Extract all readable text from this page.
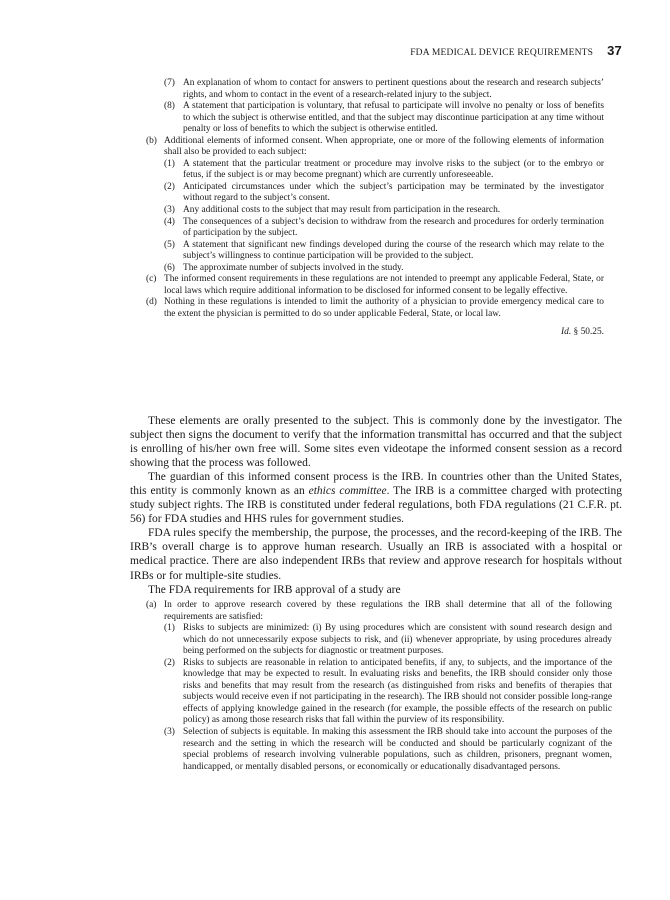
FDA MEDICAL DEVICE REQUIREMENTS 37
(7) An explanation of whom to contact for answers to pertinent questions about the research and research subjects’ rights, and whom to contact in the event of a research-related injury to the subject.
(8) A statement that participation is voluntary, that refusal to participate will involve no penalty or loss of benefits to which the subject is otherwise entitled, and that the subject may discontinue participation at any time without penalty or loss of benefits to which the subject is otherwise entitled.
(b) Additional elements of informed consent. When appropriate, one or more of the following elements of information shall also be provided to each subject:
(1) A statement that the particular treatment or procedure may involve risks to the subject (or to the embryo or fetus, if the subject is or may become pregnant) which are currently unforeseeable.
(2) Anticipated circumstances under which the subject’s participation may be terminated by the investigator without regard to the subject’s consent.
(3) Any additional costs to the subject that may result from participation in the research.
(4) The consequences of a subject’s decision to withdraw from the research and procedures for orderly termination of participation by the subject.
(5) A statement that significant new findings developed during the course of the research which may relate to the subject’s willingness to continue participation will be provided to the subject.
(6) The approximate number of subjects involved in the study.
(c) The informed consent requirements in these regulations are not intended to preempt any applicable Federal, State, or local laws which require additional information to be disclosed for informed consent to be legally effective.
(d) Nothing in these regulations is intended to limit the authority of a physician to provide emergency medical care to the extent the physician is permitted to do so under applicable Federal, State, or local law.
Id. § 50.25.

These elements are orally presented to the subject. This is commonly done by the investigator. The subject then signs the document to verify that the information transmittal has occurred and that the subject is enrolling of his/her own free will. Some sites even videotape the informed consent session as a record showing that the process was followed.

The guardian of this informed consent process is the IRB. In countries other than the United States, this entity is commonly known as an ethics committee. The IRB is a committee charged with protecting study subject rights. The IRB is constituted under federal regulations, both FDA regulations (21 C.F.R. pt. 56) for FDA studies and HHS rules for government studies.

FDA rules specify the membership, the purpose, the processes, and the record-keeping of the IRB. The IRB’s overall charge is to approve human research. Usually an IRB is associated with a hospital or medical practice. There are also independent IRBs that review and approve research for hospitals without IRBs or for multiple-site studies.

The FDA requirements for IRB approval of a study are

(a) In order to approve research covered by these regulations the IRB shall determine that all of the following requirements are satisfied:
(1) Risks to subjects are minimized: (i) By using procedures which are consistent with sound research design and which do not unnecessarily expose subjects to risk, and (ii) whenever appropriate, by using procedures already being performed on the subjects for diagnostic or treatment purposes.
(2) Risks to subjects are reasonable in relation to anticipated benefits, if any, to subjects, and the importance of the knowledge that may be expected to result. In evaluating risks and benefits, the IRB should consider only those risks and benefits that may result from the research (as distinguished from risks and benefits of therapies that subjects would receive even if not participating in the research). The IRB should not consider possible long-range effects of applying knowledge gained in the research (for example, the possible effects of the research on public policy) as among those research risks that fall within the purview of its responsibility.
(3) Selection of subjects is equitable. In making this assessment the IRB should take into account the purposes of the research and the setting in which the research will be conducted and should be particularly cognizant of the special problems of research involving vulnerable populations, such as children, prisoners, pregnant women, handicapped, or mentally disabled persons, or economically or educationally disadvantaged persons.
